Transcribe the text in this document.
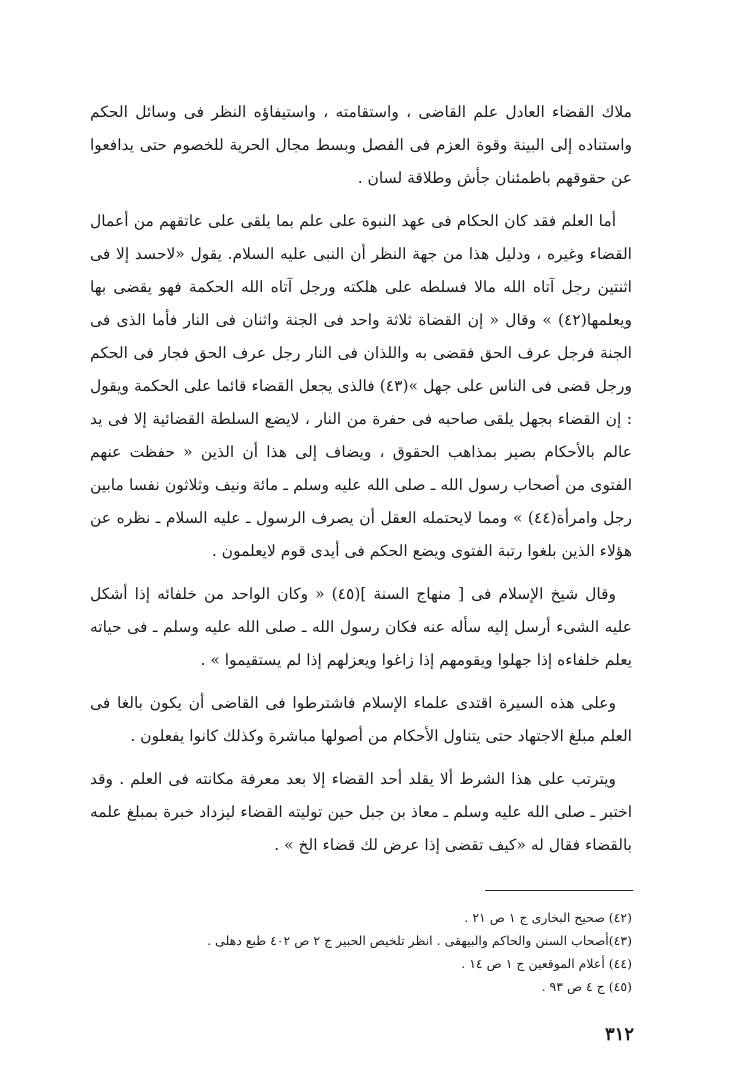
ملاك القضاء العادل علم القاضى ، واستقامته ، واستيفاؤه النظر فى وسائل الحكم واستناده إلى البينة وقوة العزم فى الفصل وبسط مجال الحرية للخصوم حتى يدافعوا عن حقوقهم باطمئنان جأش وطلاقة لسان .

أما العلم فقد كان الحكام فى عهد النبوة على علم بما يلقى على عاتقهم من أعمال القضاء وغيره ، ودليل هذا من جهة النظر أن النبى عليه السلام. يقول «لاحسد إلا فى اثنتين رجل آتاه الله مالا فسلطه على هلكته ورجل آتاه الله الحكمة فهو يقضى بها ويعلمها(٤٢) » وقال « إن القضاة ثلاثة واحد فى الجنة واثنان فى النار فأما الذى فى الجنة فرجل عرف الحق فقضى به واللذان فى النار رجل عرف الحق فجار فى الحكم ورجل قضى فى الناس على جهل »(٤٣) فالذى يجعل القضاء قائما على الحكمة ويقول : إن القضاء بجهل يلقى صاحبه فى حفرة من النار ، لايضع السلطة القضائية إلا فى يد عالم بالأحكام بصير بمذاهب الحقوق ، ويضاف إلى هذا أن الذين « حفظت عنهم الفتوى من أصحاب رسول الله ـ صلى الله عليه وسلم ـ مائة ونيف وثلاثون نفسا مابين رجل وامرأة(٤٤) » ومما لايحتمله العقل أن يصرف الرسول ـ عليه السلام ـ نظره عن هؤلاء الذين بلغوا رتبة الفتوى ويضع الحكم فى أيدى قوم لايعلمون .

وقال شيخ الإسلام فى [ منهاج السنة ](٤٥) « وكان الواحد من خلفائه إذا أشكل عليه الشىء أرسل إليه سأله عنه فكان رسول الله ـ صلى الله عليه وسلم ـ فى حياته يعلم خلفاءه إذا جهلوا ويقومهم إذا زاغوا ويعزلهم إذا لم يستقيموا » .

وعلى هذه السيرة اقتدى علماء الإسلام فاشترطوا فى القاضى أن يكون بالغا فى العلم مبلغ الاجتهاد حتى يتناول الأحكام من أصولها مباشرة وكذلك كانوا يفعلون .

ويترتب على هذا الشرط ألا يقلد أحد القضاء إلا بعد معرفة مكانته فى العلم . وقد اختبر ـ صلى الله عليه وسلم ـ معاذ بن جبل حين توليته القضاء ليزداد خبرة بمبلغ علمه بالقضاء فقال له «كيف تقضى إذا عرض لك قضاء الخ » .

(٤٢) صحيح البخارى ج ١ ص ٢١ .

(٤٣)أصحاب السنن والحاكم والبيهقى . انظر تلخيص الحبير ج ٢ ص ٤٠٢ طبع دهلى .

(٤٤) أعلام الموقعين ج ١ ص ١٤ .

(٤٥) ج ٤ ص ٩٣ .

٣١٢
